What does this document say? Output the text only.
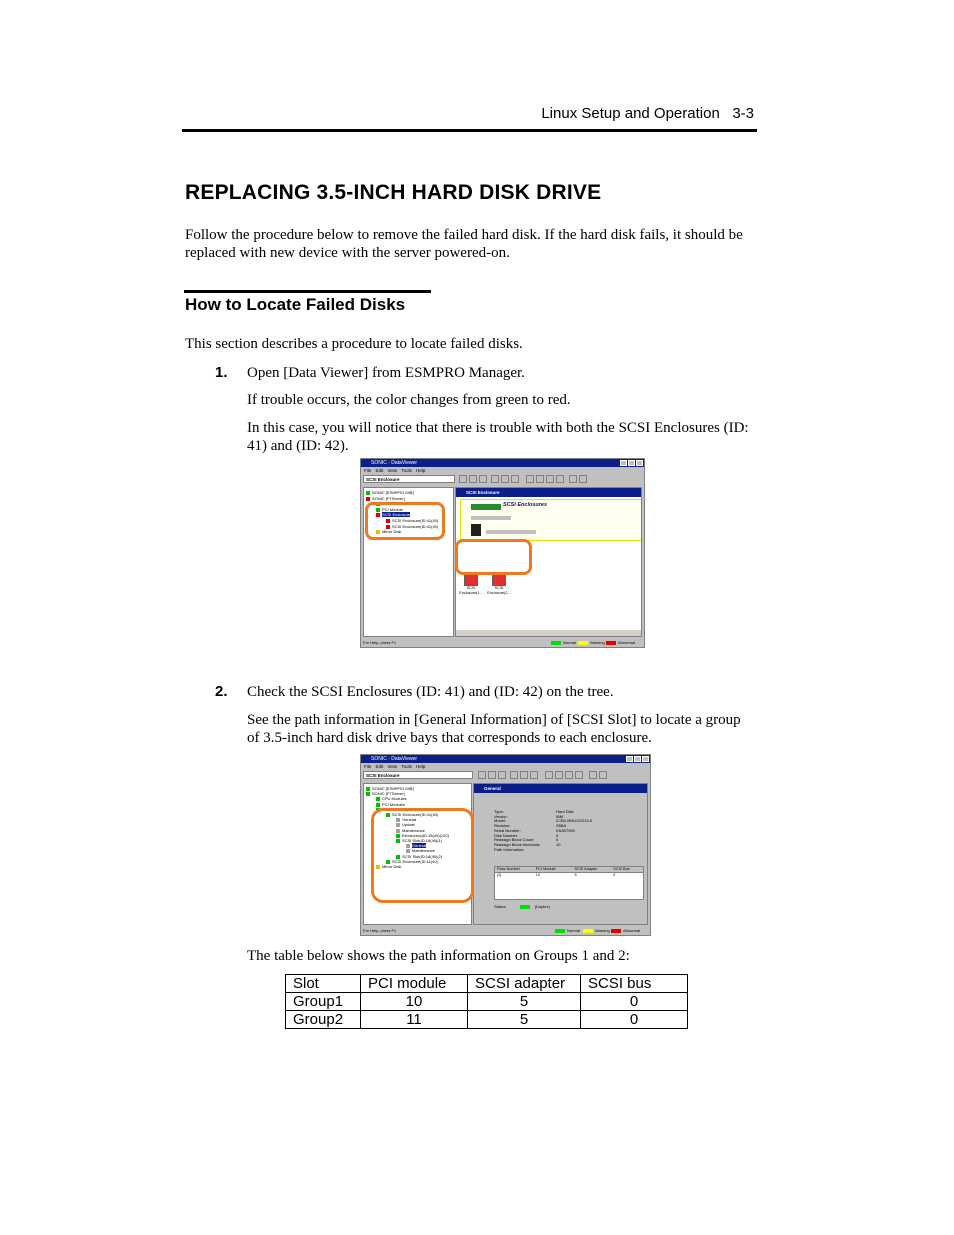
Linux Setup and Operation 3-3
REPLACING 3.5-INCH HARD DISK DRIVE
Follow the procedure below to remove the failed hard disk. If the hard disk fails, it should be replaced with new device with the server powered-on.
How to Locate Failed Disks
This section describes a procedure to locate failed disks.
1. Open [Data Viewer] from ESMPRO Manager.
If trouble occurs, the color changes from green to red.
In this case, you will notice that there is trouble with both the SCSI Enclosures (ID: 41) and (ID: 42).
SONIC - DataViewer
File Edit View Tools Help
SCSI Enclosure
SONIC [ESMPRO MIB]
SONIC [FTServer]
CPU Module
PCI Module
SCSI Enclosure
SCSI Enclosure(ID:41(40)
SCSI Enclosure(ID:41(40)
Mirror Disk
SCSI Enclosure
SCSI Enclosures
SCSI Enclosure(1...
SCSI Enclosure(2...
For Help, press F1	Normal	Warning	Abnormal
2. Check the SCSI Enclosures (ID: 41) and (ID: 42) on the tree.
See the path information in [General Information] of [SCSI Slot] to locate a group of 3.5-inch hard disk drive bays that corresponds to each enclosure.
SONIC - DataViewer
File Edit View Tools Help
SCSI Enclosure
SONIC [ESMPRO MIB]
SONIC [FTServer]
CPU Modules
PCI Modules
SCSI Enclosure
SCSI Enclosure(ID:41(40)
General
Update
Maintenance
Electronics(ID:18(40)(120)
SCSI Slot(ID:18(40)(1)
General
Maintenance
SCSI Slot(ID:18(40)(2)
SCSI Enclosure(ID:11(40)
Mirror Disk
General
Type:	Hard Disk
Vendor:	IBM
Model:	IC35L009UCD210-0
Revision:	S5BA
Serial Number:	KN307953
Disk Number:	0
Reassign Block Count:	0
Reassign Block threshold:	10
Path Information:
Pass Number	PCI Module	SCSI Adapter	SCSI Bus
[1]	10	5	0
Status:	(Duplex)
For Help, press F1	Normal	Warning	Abnormal
The table below shows the path information on Groups 1 and 2:
Slot	PCI module	SCSI adapter	SCSI bus
Group1	10	5	0
Group2	11	5	0
